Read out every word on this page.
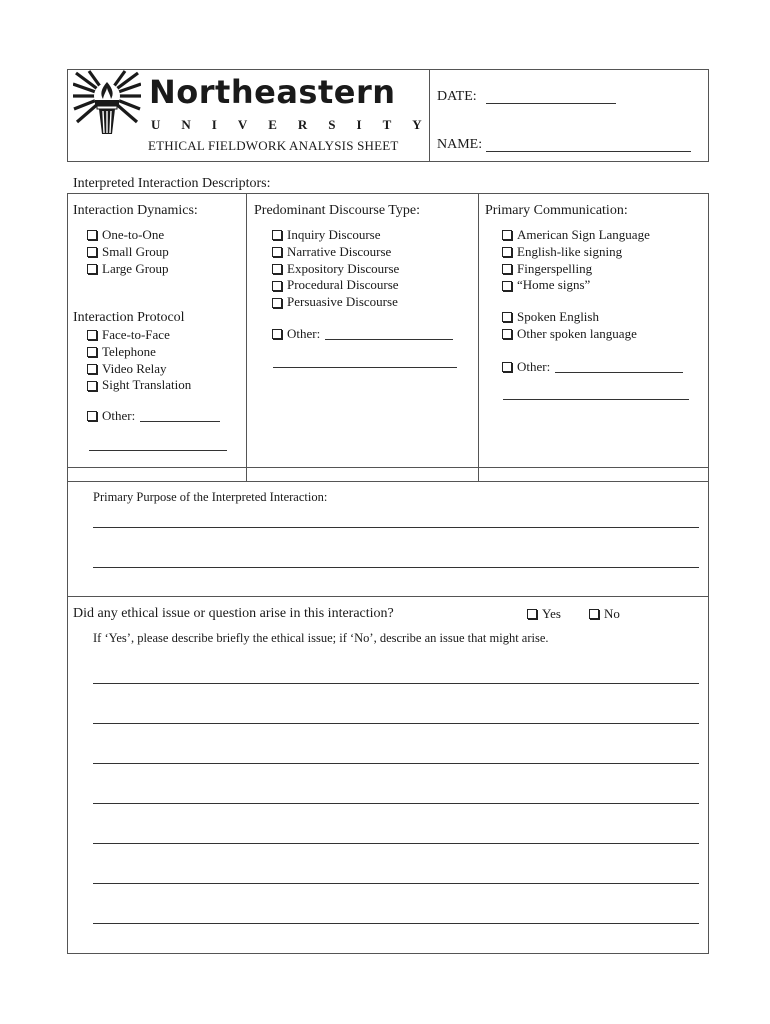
Northeastern
UNIVERSITY
ETHICAL FIELDWORK ANALYSIS SHEET
DATE:
NAME:
Interpreted Interaction Descriptors:
Interaction Dynamics:
One-to-One
Small Group
Large Group
Interaction Protocol
Face-to-Face
Telephone
Video Relay
Sight Translation
Other:
Predominant Discourse Type:
Inquiry Discourse
Narrative Discourse
Expository Discourse
Procedural Discourse
Persuasive Discourse
Other:
Primary Communication:
American Sign Language
English-like signing
Fingerspelling
“Home signs”
Spoken English
Other spoken language
Other:
Primary Purpose of the Interpreted Interaction:
Did any ethical issue or question arise in this interaction?	Yes	No
If ‘Yes’, please describe briefly the ethical issue; if ‘No’, describe an issue that might arise.
